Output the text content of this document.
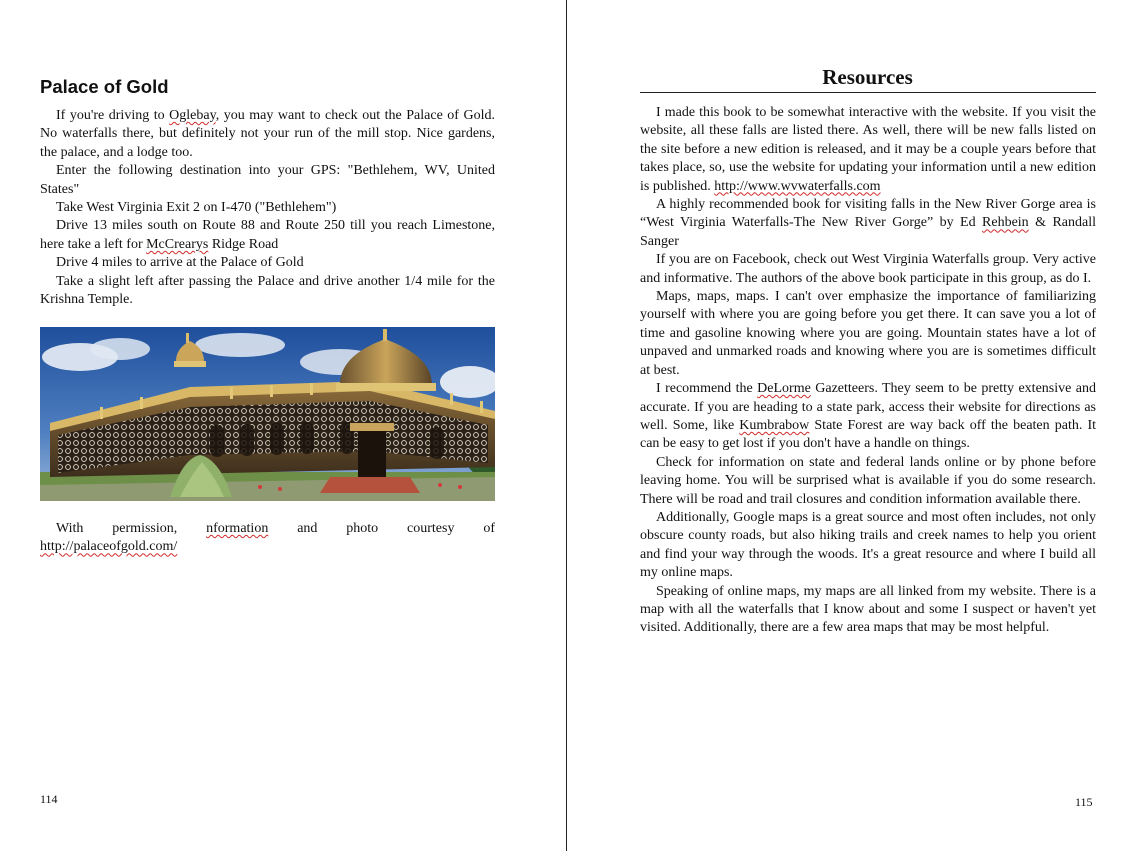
Palace of Gold

If you're driving to Oglebay, you may want to check out the Palace of Gold. No waterfalls there, but definitely not your run of the mill stop. Nice gardens, the palace, and a lodge too.

Enter the following destination into your GPS: "Bethlehem, WV, United States"

Take West Virginia Exit 2 on I-470 ("Bethlehem")

Drive 13 miles south on Route 88 and Route 250 till you reach Limestone, here take a left for McCrearys Ridge Road

Drive 4 miles to arrive at the Palace of Gold

Take a slight left after passing the Palace and drive another 1/4 mile for the Krishna Temple.

With permission, nformation and photo courtesy of

http://palaceofgold.com/

114
Resources

I made this book to be somewhat interactive with the website. If you visit the website, all these falls are listed there. As well, there will be new falls listed on the site before a new edition is released, and it may be a couple years before that takes place, so, use the website for updating your information until a new edition is published. http://www.wvwaterfalls.com

A highly recommended book for visiting falls in the New River Gorge area is “West Virginia Waterfalls-The New River Gorge” by Ed Rehbein & Randall Sanger

If you are on Facebook, check out West Virginia Waterfalls group. Very active and informative. The authors of the above book participate in this group, as do I.

Maps, maps, maps. I can't over emphasize the importance of familiarizing yourself with where you are going before you get there. It can save you a lot of time and gasoline knowing where you are going. Mountain states have a lot of unpaved and unmarked roads and knowing where you are is sometimes difficult at best.

I recommend the DeLorme Gazetteers. They seem to be pretty extensive and accurate. If you are heading to a state park, access their website for directions as well. Some, like Kumbrabow State Forest are way back off the beaten path. It can be easy to get lost if you don't have a handle on things.

Check for information on state and federal lands online or by phone before leaving home. You will be surprised what is available if you do some research. There will be road and trail closures and condition information available there.

Additionally, Google maps is a great source and most often includes, not only obscure county roads, but also hiking trails and creek names to help you orient and find your way through the woods. It's a great resource and where I build all my online maps.

Speaking of online maps, my maps are all linked from my website. There is a map with all the waterfalls that I know about and some I suspect or haven't yet visited. Additionally, there are a few area maps that may be most helpful.

115
